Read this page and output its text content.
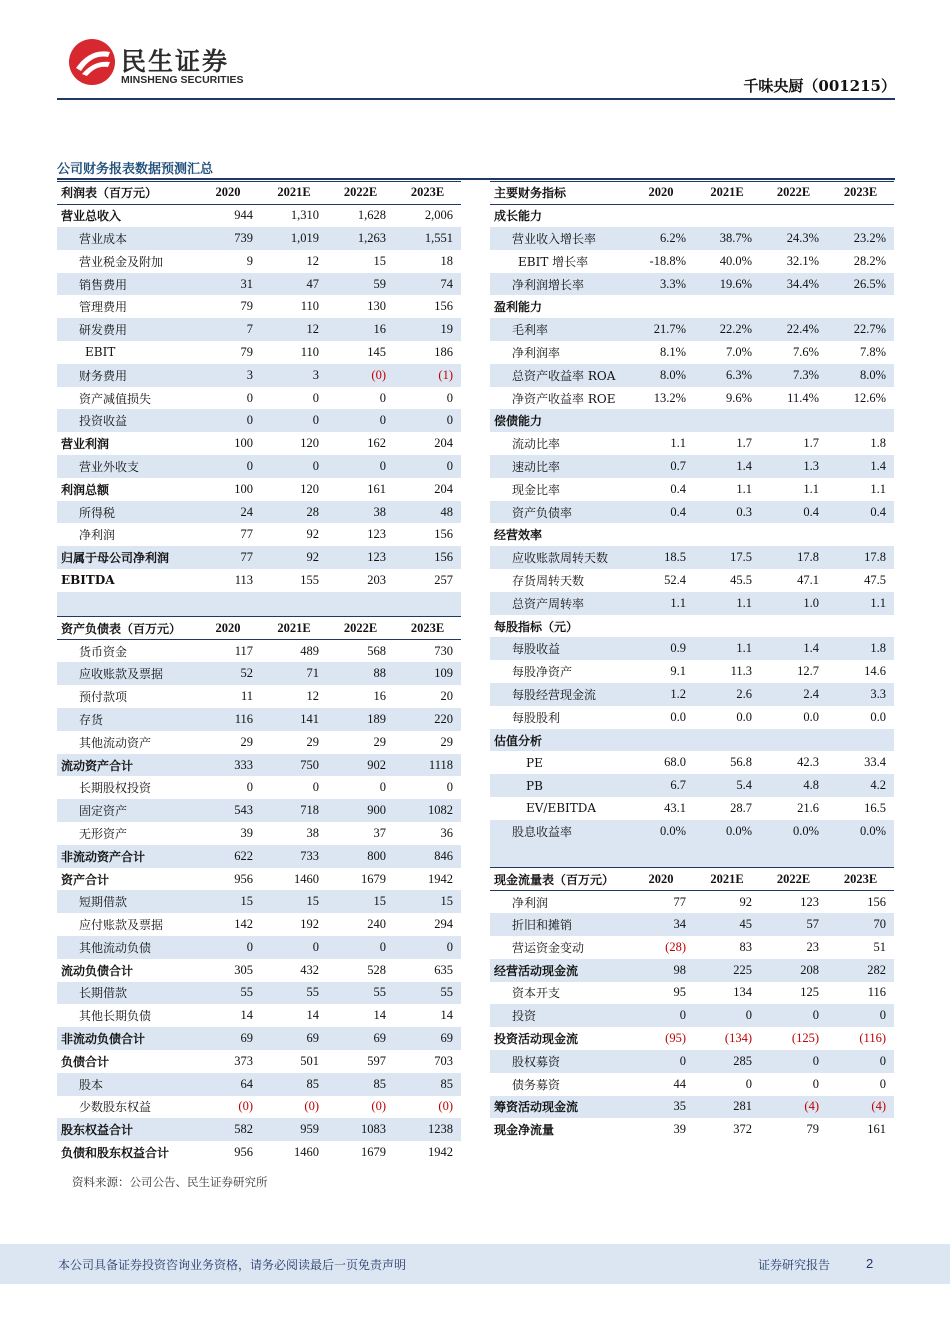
民生证券
MINSHENG SECURITIES	千味央厨（001215）
公司财务报表数据预测汇总
利润表（百万元）	2020	2021E	2022E	2023E
营业总收入	944	1,310	1,628	2,006
营业成本	739	1,019	1,263	1,551
营业税金及附加	9	12	15	18
销售费用	31	47	59	74
管理费用	79	110	130	156
研发费用	7	12	16	19
EBIT	79	110	145	186
财务费用	3	3	(0)	(1)
资产减值损失	0	0	0	0
投资收益	0	0	0	0
营业利润	100	120	162	204
营业外收支	0	0	0	0
利润总额	100	120	161	204
所得税	24	28	38	48
净利润	77	92	123	156
归属于母公司净利润	77	92	123	156
EBITDA	113	155	203	257

资产负债表（百万元）	2020	2021E	2022E	2023E
货币资金	117	489	568	730
应收账款及票据	52	71	88	109
预付款项	11	12	16	20
存货	116	141	189	220
其他流动资产	29	29	29	29
流动资产合计	333	750	902	1118
长期股权投资	0	0	0	0
固定资产	543	718	900	1082
无形资产	39	38	37	36
非流动资产合计	622	733	800	846
资产合计	956	1460	1679	1942
短期借款	15	15	15	15
应付账款及票据	142	192	240	294
其他流动负债	0	0	0	0
流动负债合计	305	432	528	635
长期借款	55	55	55	55
其他长期负债	14	14	14	14
非流动负债合计	69	69	69	69
负债合计	373	501	597	703
股本	64	85	85	85
少数股东权益	(0)	(0)	(0)	(0)
股东权益合计	582	959	1083	1238
负债和股东权益合计	956	1460	1679	1942
主要财务指标	2020	2021E	2022E	2023E
成长能力				
营业收入增长率	6.2%	38.7%	24.3%	23.2%
EBIT 增长率	-18.8%	40.0%	32.1%	28.2%
净利润增长率	3.3%	19.6%	34.4%	26.5%
盈利能力				
毛利率	21.7%	22.2%	22.4%	22.7%
净利润率	8.1%	7.0%	7.6%	7.8%
总资产收益率 ROA	8.0%	6.3%	7.3%	8.0%
净资产收益率 ROE	13.2%	9.6%	11.4%	12.6%
偿债能力				
流动比率	1.1	1.7	1.7	1.8
速动比率	0.7	1.4	1.3	1.4
现金比率	0.4	1.1	1.1	1.1
资产负债率	0.4	0.3	0.4	0.4
经营效率				
应收账款周转天数	18.5	17.5	17.8	17.8
存货周转天数	52.4	45.5	47.1	47.5
总资产周转率	1.1	1.1	1.0	1.1
每股指标（元）				
每股收益	0.9	1.1	1.4	1.8
每股净资产	9.1	11.3	12.7	14.6
每股经营现金流	1.2	2.6	2.4	3.3
每股股利	0.0	0.0	0.0	0.0
估值分析				
PE	68.0	56.8	42.3	33.4
PB	6.7	5.4	4.8	4.2
EV/EBITDA	43.1	28.7	21.6	16.5
股息收益率	0.0%	0.0%	0.0%	0.0%

现金流量表（百万元）	2020	2021E	2022E	2023E
净利润	77	92	123	156
折旧和摊销	34	45	57	70
营运资金变动	(28)	83	23	51
经营活动现金流	98	225	208	282
资本开支	95	134	125	116
投资	0	0	0	0
投资活动现金流	(95)	(134)	(125)	(116)
股权募资	0	285	0	0
债务募资	44	0	0	0
筹资活动现金流	35	281	(4)	(4)
现金净流量	39	372	79	161
资料来源：公司公告、民生证券研究所
本公司具备证券投资咨询业务资格，请务必阅读最后一页免责声明	证券研究报告	2
